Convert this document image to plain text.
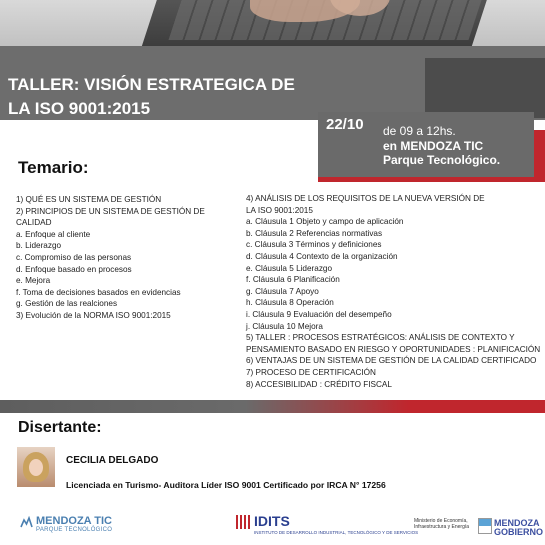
TALLER: VISIÓN ESTRATEGICA DE
LA ISO 9001:2015
22/10 de 09 a 12hs.
en MENDOZA TIC
Parque Tecnológico.
Temario:
1) QUÉ ES UN SISTEMA DE GESTIÓN
2) PRINCIPIOS DE UN SISTEMA DE GESTIÓN DE CALIDAD
a. Enfoque al cliente
b. Liderazgo
c. Compromiso de las personas
d. Enfoque basado en procesos
e. Mejora
f. Toma de decisiones basados en evidencias
g. Gestión de las realciones
3) Evolución de la NORMA ISO 9001:2015
4) ANÁLISIS DE LOS REQUISITOS DE LA NUEVA VERSIÓN DE
LA ISO 9001:2015
a. Cláusula 1 Objeto y campo de aplicación
b. Cláusula 2 Referencias normativas
c. Cláusula 3 Términos y definiciones
d. Cláusula 4 Contexto de la organización
e. Cláusula 5 Liderazgo
f. Cláusula 6 Planificación
g. Cláusula 7 Apoyo
h. Cláusula 8 Operación
i. Cláusula 9 Evaluación del desempeño
j. Cláusula 10 Mejora
5) TALLER : PROCESOS ESTRATÉGICOS: ANÁLISIS DE CONTEXTO Y
PENSAMIENTO BASADO EN RIESGO Y OPORTUNIDADES : PLANIFICACIÓN
6) VENTAJAS DE UN SISTEMA DE GESTIÓN DE LA CALIDAD CERTIFICADO
7) PROCESO DE CERTIFICACIÓN
8) ACCESIBILIDAD : CRÉDITO FISCAL
Disertante:
CECILIA DELGADO
Licenciada en Turismo- Auditora Líder ISO 9001 Certificado por IRCA N° 17256
MENDOZA TIC
PARQUE TECNOLÓGICO
IDITS
INSTITUTO DE DESARROLLO INDUSTRIAL, TECNOLÓGICO Y DE SERVICIOS
Ministerio de Economía, Infraestructura y Energía	MENDOZA
GOBIERNO
